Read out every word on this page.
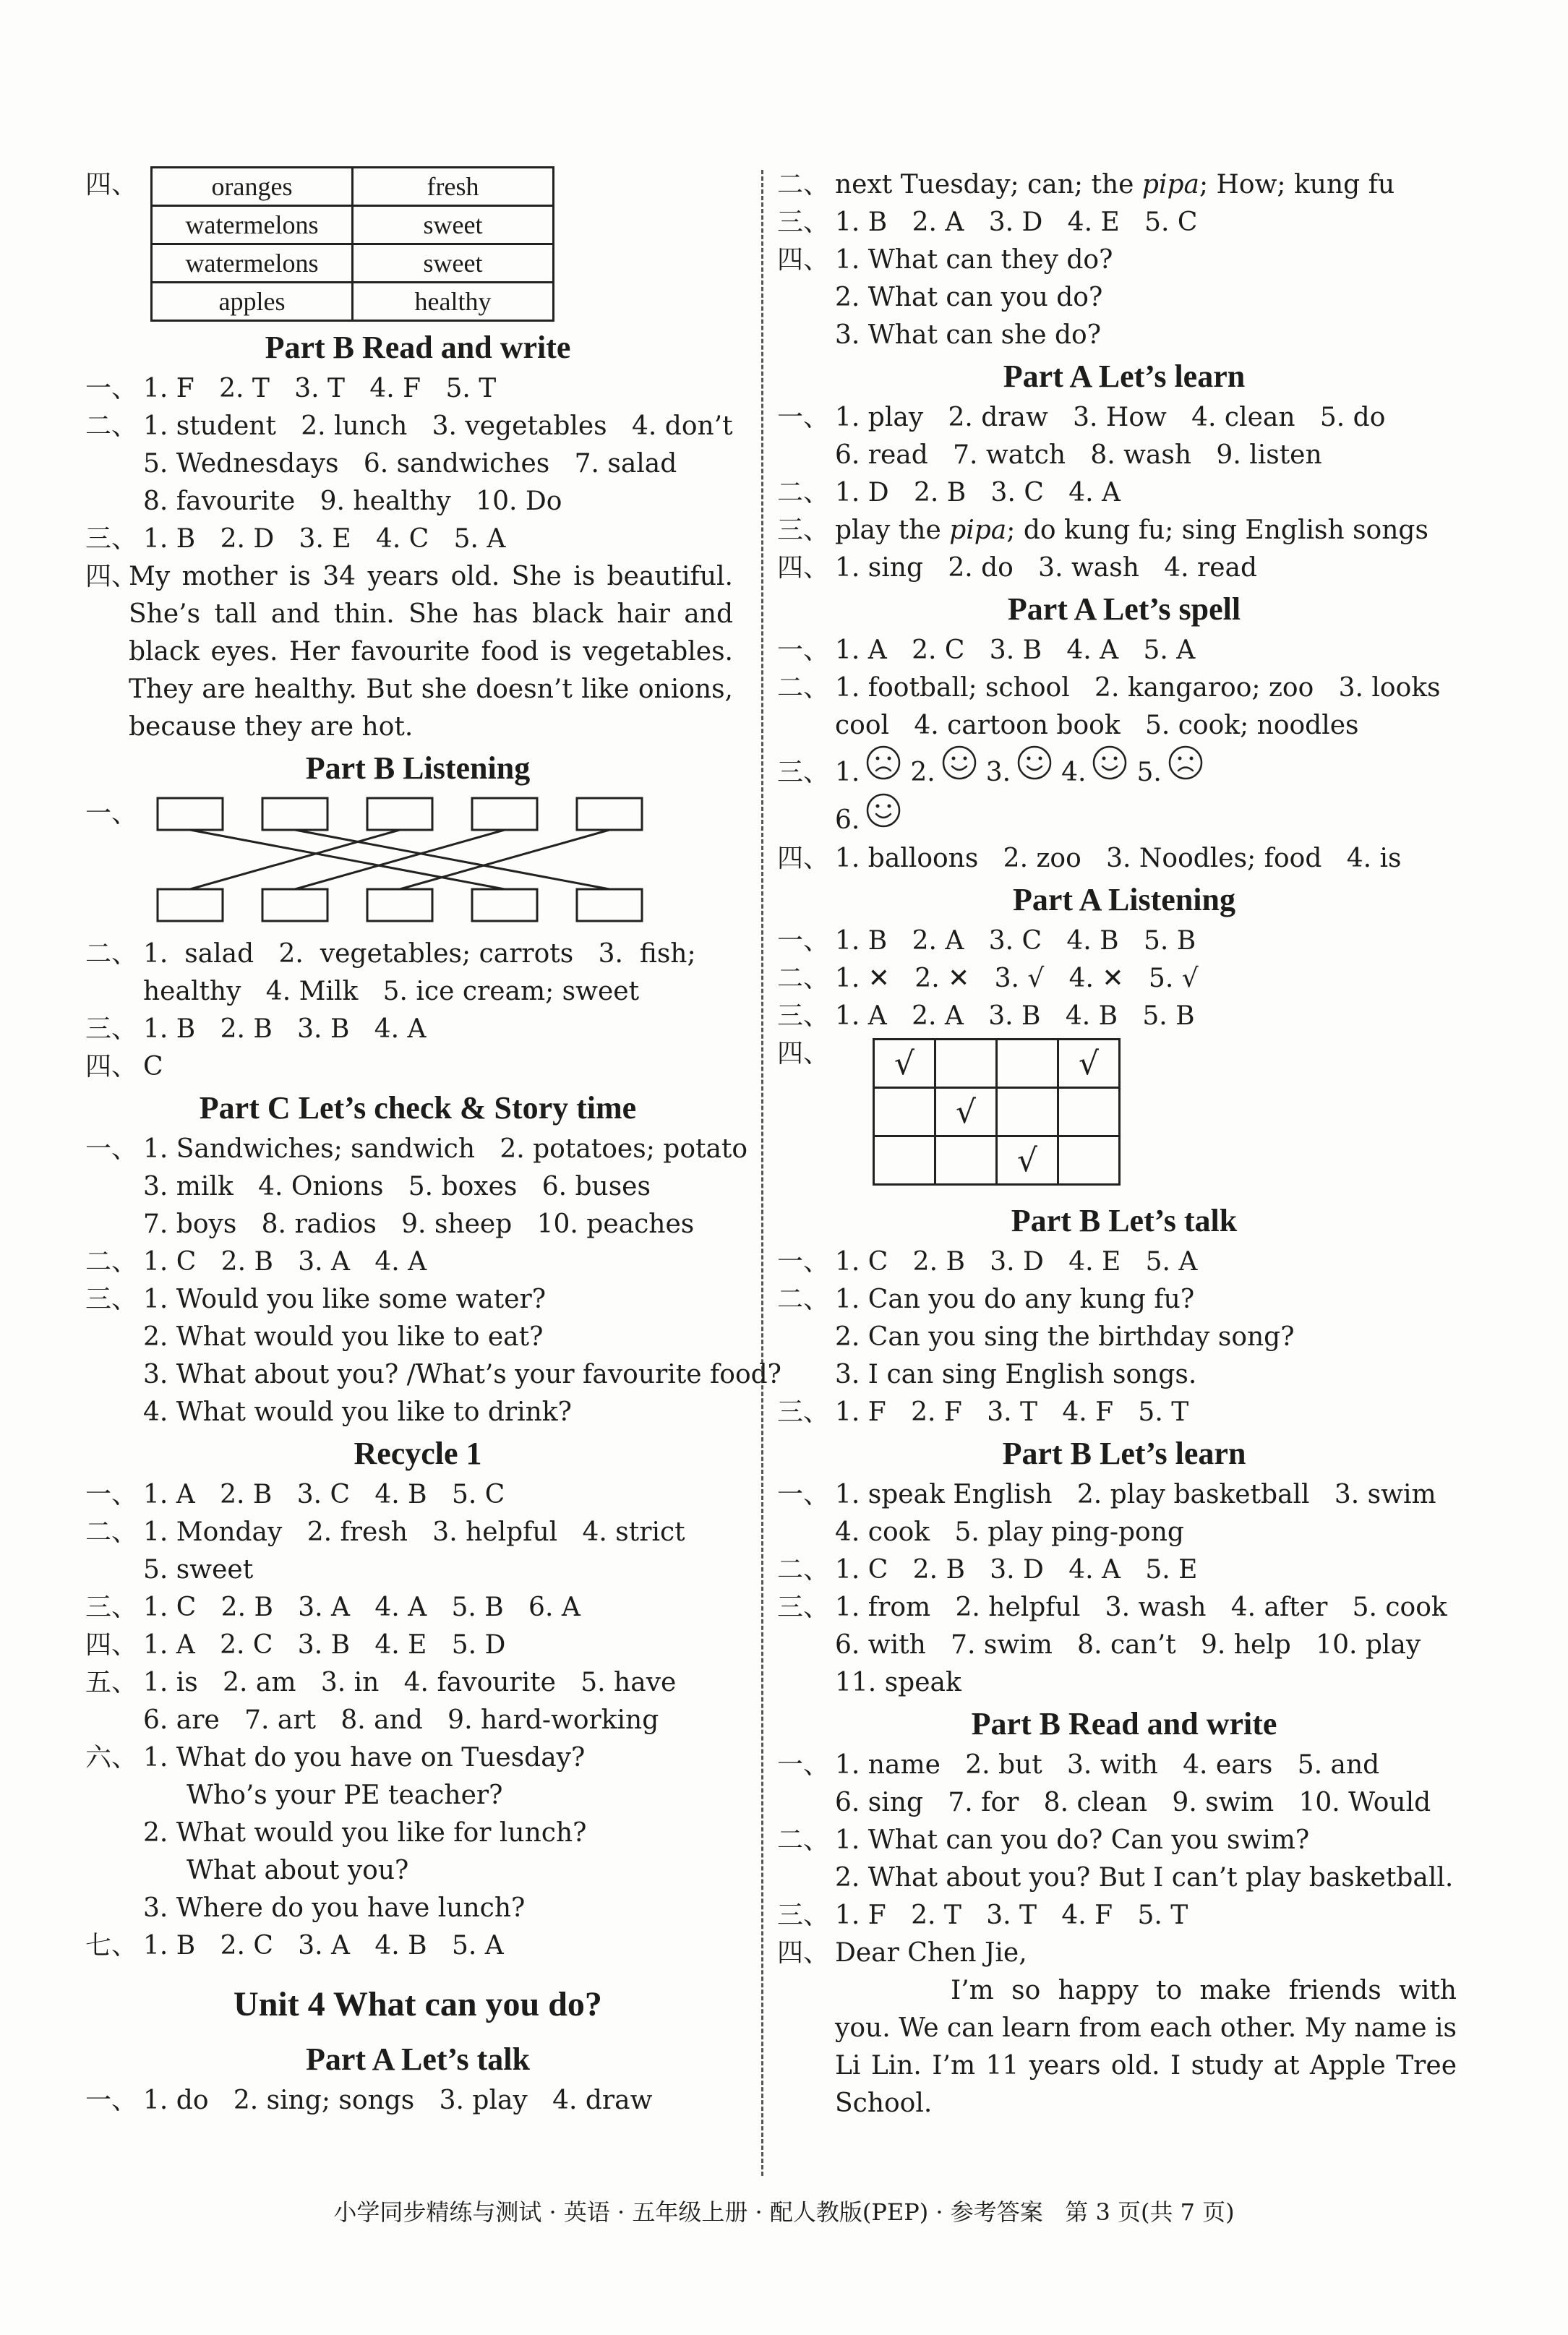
四、	oranges	fresh
watermelons	sweet
watermelons	sweet
apples	healthy
Part B Read and write
一、 1. F   2. T   3. T   4. F   5. T
二、 1. student   2. lunch   3. vegetables   4. don’t
5. Wednesdays   6. sandwiches   7. salad
8. favourite   9. healthy   10. Do
三、 1. B   2. D   3. E   4. C   5. A
四、
My mother is 34 years old. She is beautiful. She’s tall and thin. She has black hair and black eyes. Her favourite food is vegetables. They are healthy. But she doesn’t like onions, because they are hot.
Part B Listening
一、
二、 1.  salad   2.  vegetables; carrots   3.  fish;
healthy   4. Milk   5. ice cream; sweet
三、 1. B   2. B   3. B   4. A
四、 C
Part C Let’s check & Story time
一、 1. Sandwiches; sandwich   2. potatoes; potato
3. milk   4. Onions   5. boxes   6. buses
7. boys   8. radios   9. sheep   10. peaches
二、 1. C   2. B   3. A   4. A
三、 1. Would you like some water?
2. What would you like to eat?
3. What about you? /What’s your favourite food?
4. What would you like to drink?
Recycle 1
一、 1. A   2. B   3. C   4. B   5. C
二、 1. Monday   2. fresh   3. helpful   4. strict
5. sweet
三、 1. C   2. B   3. A   4. A   5. B   6. A
四、 1. A   2. C   3. B   4. E   5. D
五、 1. is   2. am   3. in   4. favourite   5. have
6. are   7. art   8. and   9. hard-working
六、 1. What do you have on Tuesday?
Who’s your PE teacher?
2. What would you like for lunch?
What about you?
3. Where do you have lunch?
七、 1. B   2. C   3. A   4. B   5. A
Unit 4 What can you do?
Part A Let’s talk
一、 1. do   2. sing; songs   3. play   4. draw
二、 next Tuesday; can; the pipa ; How; kung fu
三、 1. B   2. A   3. D   4. E   5. C
四、 1. What can they do?
2. What can you do?
3. What can she do?
Part A Let’s learn
一、 1. play   2. draw   3. How   4. clean   5. do
6. read   7. watch   8. wash   9. listen
二、 1. D   2. B   3. C   4. A
三、 play the pipa ; do kung fu; sing English songs
四、 1. sing   2. do   3. wash   4. read
Part A Let’s spell
一、 1. A   2. C   3. B   4. A   5. A
二、 1. football; school   2. kangaroo; zoo   3. looks
cool   4. cartoon book   5. cook; noodles
三、 1. 2. 3. 4. 5.
6.
四、 1. balloons   2. zoo   3. Noodles; food   4. is
Part A Listening
一、 1. B   2. A   3. C   4. B   5. B
二、 1. ✕   2. ✕   3. √   4. ✕   5. √
三、 1. A   2. A   3. B   4. B   5. B
四、 √			√
	√		
		√	
Part B Let’s talk
一、 1. C   2. B   3. D   4. E   5. A
二、 1. Can you do any kung fu?
2. Can you sing the birthday song?
3. I can sing English songs.
三、 1. F   2. F   3. T   4. F   5. T
Part B Let’s learn
一、 1. speak English   2. play basketball   3. swim
4. cook   5. play ping-pong
二、 1. C   2. B   3. D   4. A   5. E
三、 1. from   2. helpful   3. wash   4. after   5. cook
6. with   7. swim   8. can’t   9. help   10. play
11. speak
Part B Read and write
一、 1. name   2. but   3. with   4. ears   5. and
6. sing   7. for   8. clean   9. swim   10. Would
二、 1. What can you do? Can you swim?
2. What about you? But I can’t play basketball.
三、 1. F   2. T   3. T   4. F   5. T
四、 Dear Chen Jie,
I’m so happy to make friends with you. We can learn from each other. My name is Li Lin. I’m 11 years old. I study at Apple Tree School.
小学同步精练与测试 · 英语 · 五年级上册 · 配人教版(PEP) · 参考答案   第 3 页(共 7 页)
